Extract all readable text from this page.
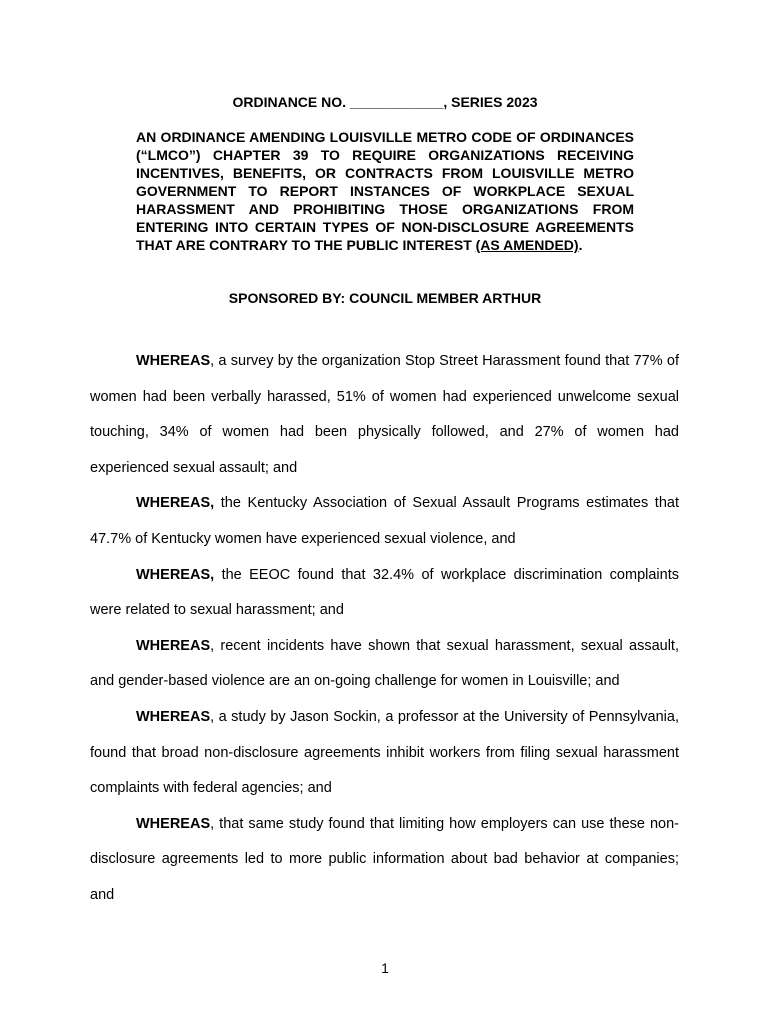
ORDINANCE NO. ____________, SERIES 2023
AN ORDINANCE AMENDING LOUISVILLE METRO CODE OF ORDINANCES (“LMCO”) CHAPTER 39 TO REQUIRE ORGANIZATIONS RECEIVING INCENTIVES, BENEFITS, OR CONTRACTS FROM LOUISVILLE METRO GOVERNMENT TO REPORT INSTANCES OF WORKPLACE SEXUAL HARASSMENT AND PROHIBITING THOSE ORGANIZATIONS FROM ENTERING INTO CERTAIN TYPES OF NON-DISCLOSURE AGREEMENTS THAT ARE CONTRARY TO THE PUBLIC INTEREST (AS AMENDED).
SPONSORED BY: COUNCIL MEMBER ARTHUR

WHEREAS, a survey by the organization Stop Street Harassment found that 77% of women had been verbally harassed, 51% of women had experienced unwelcome sexual touching, 34% of women had been physically followed, and 27% of women had experienced sexual assault; and

WHEREAS, the Kentucky Association of Sexual Assault Programs estimates that 47.7% of Kentucky women have experienced sexual violence, and

WHEREAS, the EEOC found that 32.4% of workplace discrimination complaints were related to sexual harassment; and

WHEREAS, recent incidents have shown that sexual harassment, sexual assault, and gender-based violence are an on-going challenge for women in Louisville; and

WHEREAS, a study by Jason Sockin, a professor at the University of Pennsylvania, found that broad non-disclosure agreements inhibit workers from filing sexual harassment complaints with federal agencies; and

WHEREAS, that same study found that limiting how employers can use these non-disclosure agreements led to more public information about bad behavior at companies; and

1
